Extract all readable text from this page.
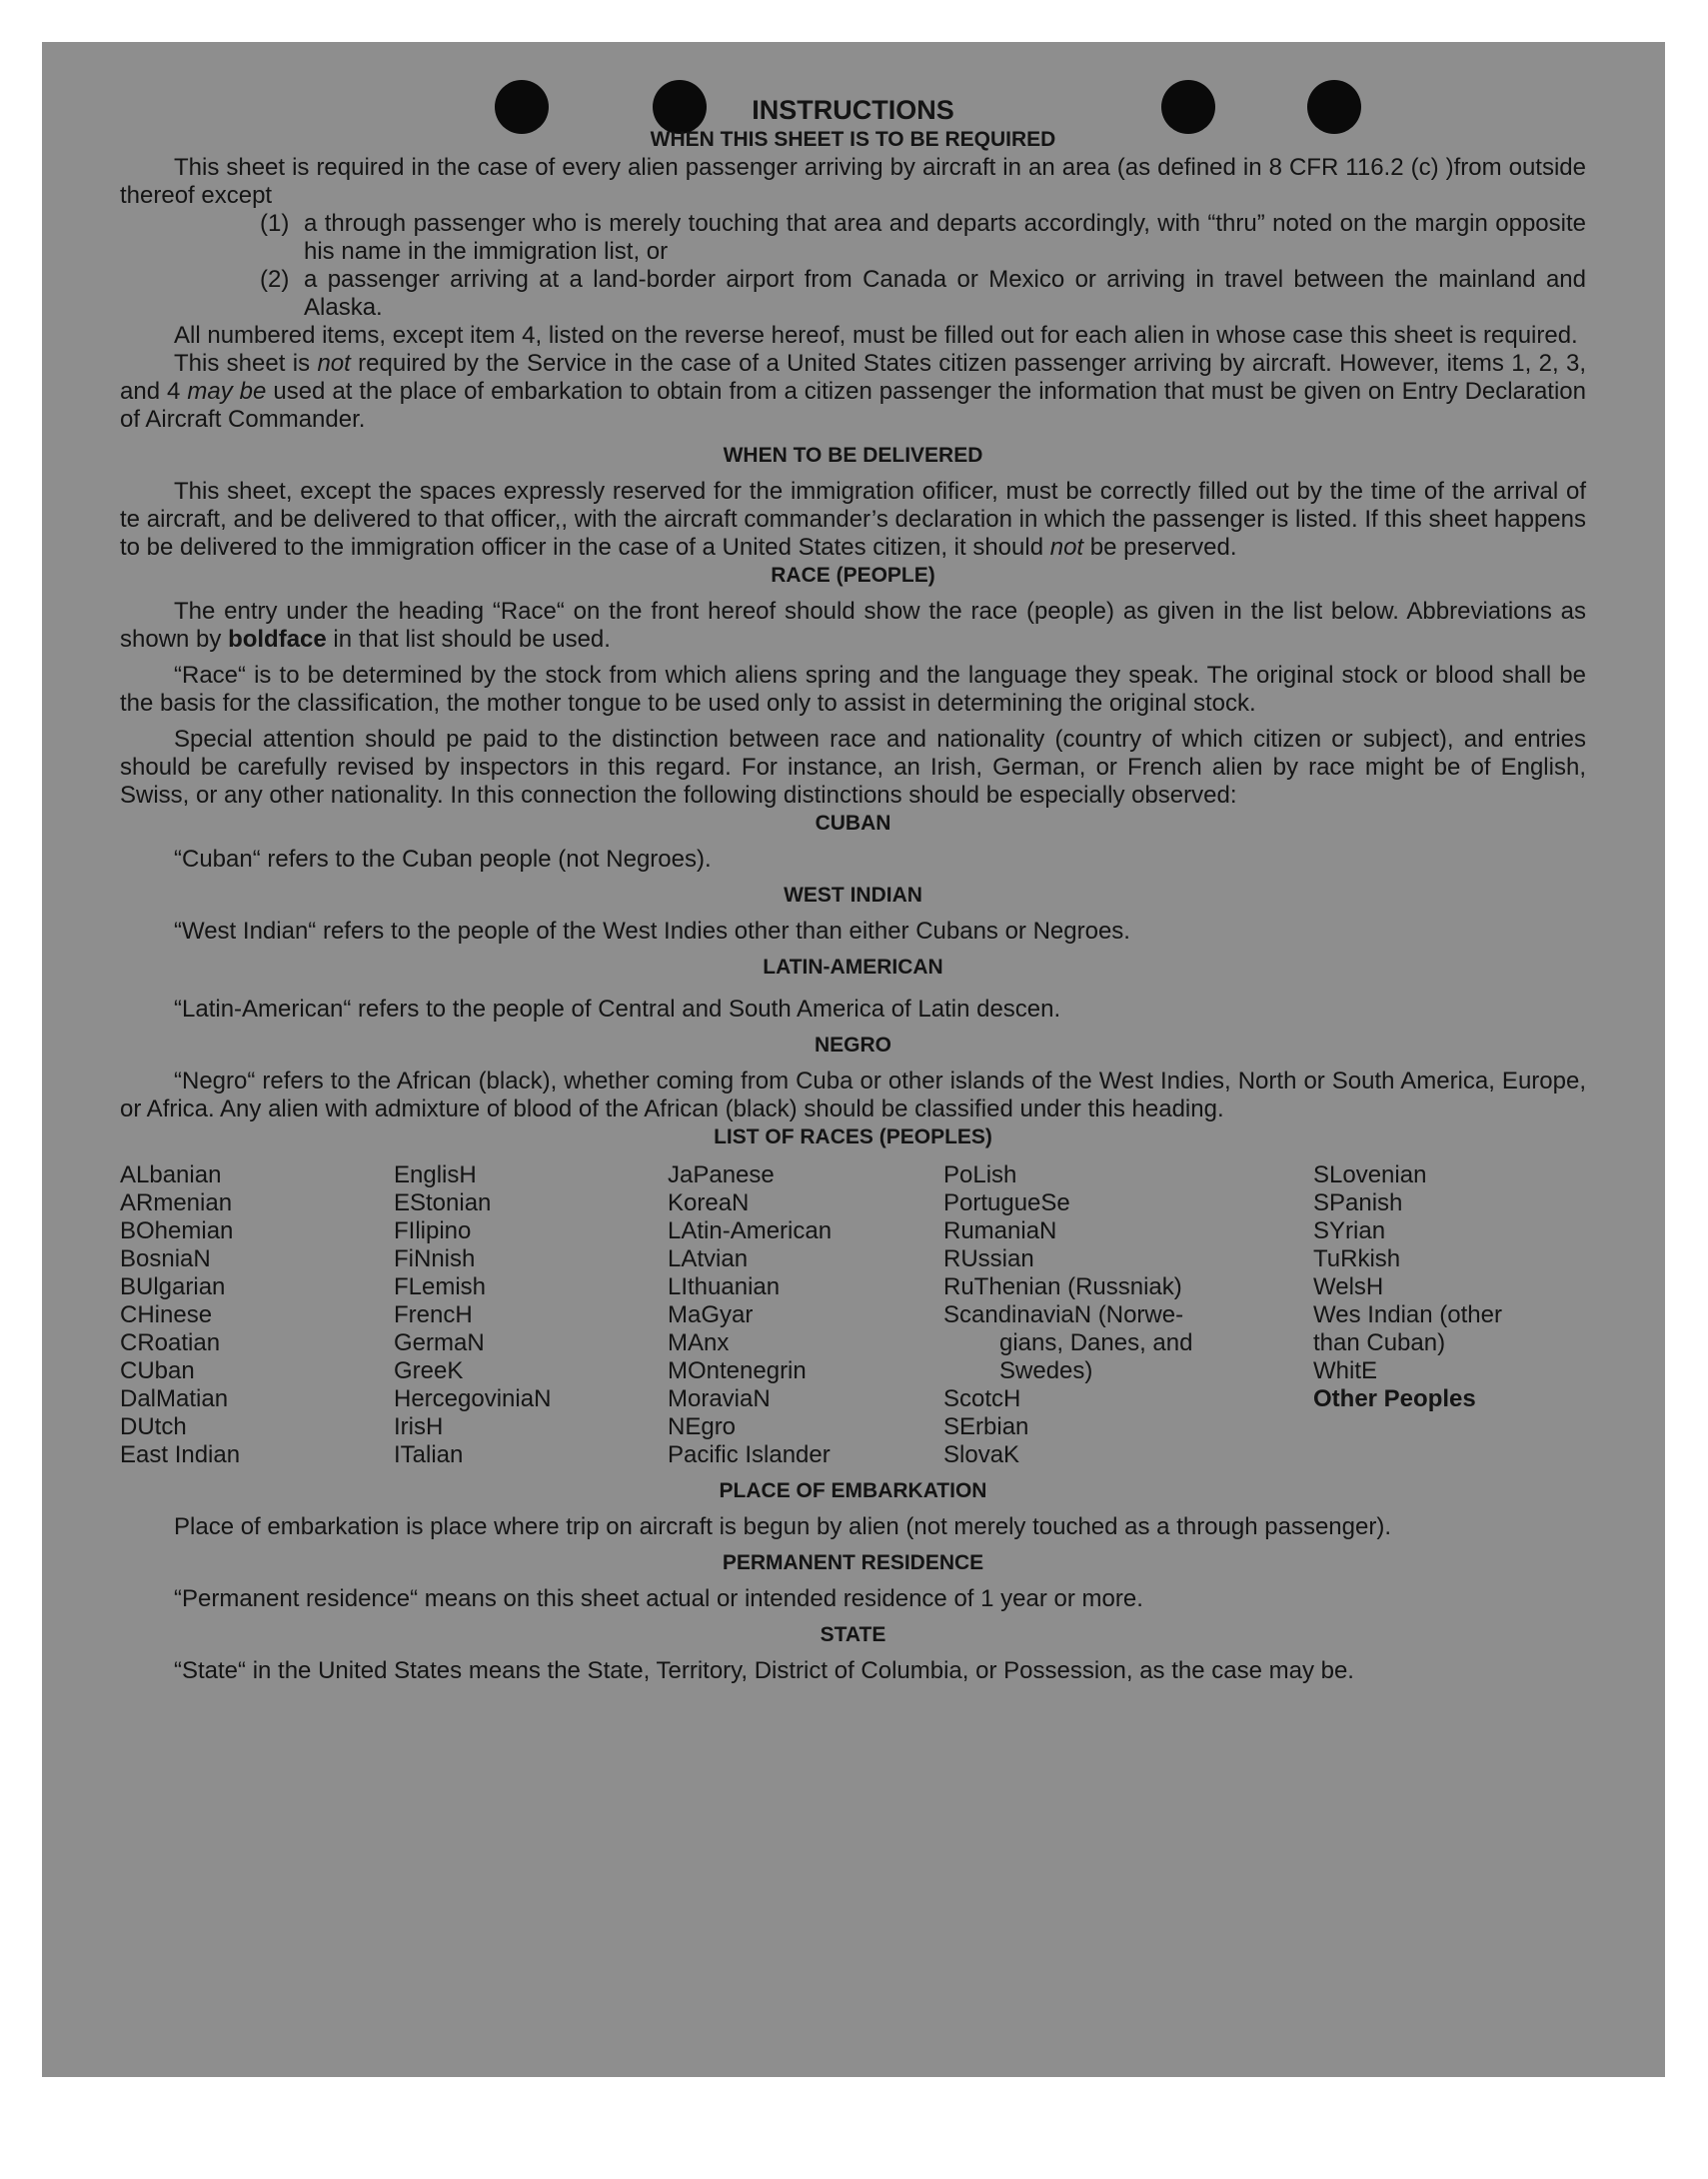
INSTRUCTIONS
WHEN THIS SHEET IS TO BE REQUIRED

This sheet is required in the case of every alien passenger arriving by aircraft in an area (as defined in 8 CFR 116.2 (c) )from outside thereof except

(1) a through passenger who is merely touching that area and departs accordingly, with “thru” noted on the margin opposite his name in the immigration list, or
(2) a passenger arriving at a land-border airport from Canada or Mexico or arriving in travel between the mainland and Alaska.

All numbered items, except item 4, listed on the reverse hereof, must be filled out for each alien in whose case this sheet is required.

This sheet is not required by the Service in the case of a United States citizen passenger arriving by aircraft. However, items 1, 2, 3, and 4 may be used at the place of embarkation to obtain from a citizen passenger the information that must be given on Entry Declaration of Aircraft Commander.

WHEN TO BE DELIVERED

This sheet, except the spaces expressly reserved for the immigration ofificer, must be correctly filled out by the time of the arrival of te aircraft, and be delivered to that officer,, with the aircraft commander’s declaration in which the passenger is listed. If this sheet happens to be delivered to the immigration officer in the case of a United States citizen, it should not be preserved.

RACE (PEOPLE)

The entry under the heading “Race“ on the front hereof should show the race (people) as given in the list below. Abbreviations as shown by boldface in that list should be used.

“Race“ is to be determined by the stock from which aliens spring and the language they speak. The original stock or blood shall be the basis for the classification, the mother tongue to be used only to assist in determining the original stock.

Special attention should pe paid to the distinction between race and nationality (country of which citizen or subject), and entries should be carefully revised by inspectors in this regard. For instance, an Irish, German, or French alien by race might be of English, Swiss, or any other nationality. In this connection the following distinctions should be especially observed:

CUBAN

“Cuban“ refers to the Cuban people (not Negroes).

WEST INDIAN

“West Indian“ refers to the people of the West Indies other than either Cubans or Negroes.

LATIN-AMERICAN

“Latin-American“ refers to the people of Central and South America of Latin descen.

NEGRO

“Negro“ refers to the African (black), whether coming from Cuba or other islands of the West Indies, North or South America, Europe, or Africa. Any alien with admixture of blood of the African (black) should be classified under this heading.

LIST OF RACES (PEOPLES)
ALbanian
ARmenian
BOhemian
BosniaN
BUlgarian
CHinese
CRoatian
CUban
DalMatian
DUtch
East Indian
EnglisH
EStonian
FIlipino
FiNnish
FLemish
FrencH
GermaN
GreeK
HercegoviniaN
IrisH
ITalian
JaPanese
KoreaN
LAtin-American
LAtvian
LIthuanian
MaGyar
MAnx
MOntenegrin
MoraviaN
NEgro
Pacific Islander
PoLish
PortugueSe
RumaniaN
RUssian
RuThenian (Russniak)
ScandinaviaN (Norwe-
gians, Danes, and
Swedes)
ScotcH
SErbian
SlovaK
SLovenian
SPanish
SYrian
TuRkish
WelsH
Wes Indian (other
than Cuban)
WhitE
Other Peoples
PLACE OF EMBARKATION

Place of embarkation is place where trip on aircraft is begun by alien (not merely touched as a through passenger).

PERMANENT RESIDENCE

“Permanent residence“ means on this sheet actual or intended residence of 1 year or more.

STATE

“State“ in the United States means the State, Territory, District of Columbia, or Possession, as the case may be.
